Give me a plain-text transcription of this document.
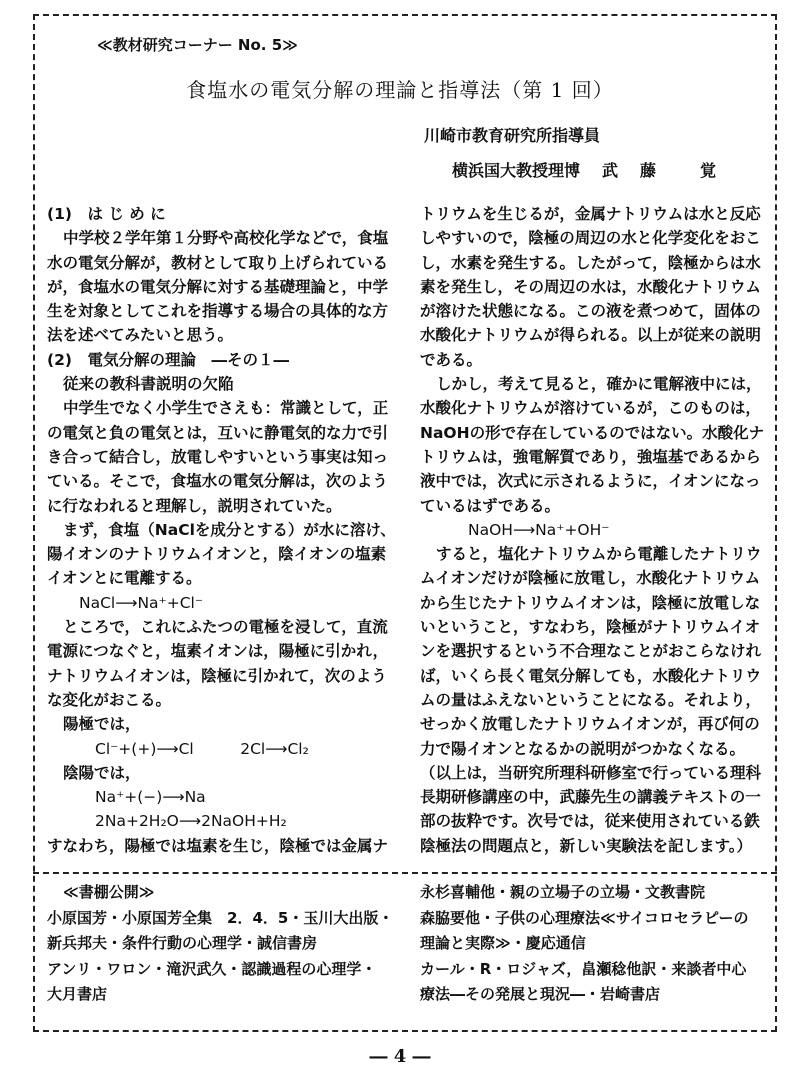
≪教材研究コーナー No. 5≫
食塩水の電気分解の理論と指導法（第 1 回）
川崎市教育研究所指導員
横浜国大教授理博 武 藤	覚

(1)　は じ め に

中学校２学年第１分野や高校化学などで，食塩

水の電気分解が，教材として取り上げられている

が，食塩水の電気分解に対する基礎理論と，中学

生を対象としてこれを指導する場合の具体的な方

法を述べてみたいと思う。

(2)　電気分解の理論　―その１―

従来の教科書説明の欠陥

中学生でなく小学生でさえも：常識として，正

の電気と負の電気とは，互いに静電気的な力で引

き合って結合し，放電しやすいという事実は知っ

ている。そこで，食塩水の電気分解は，次のよう

に行なわれると理解し，説明されていた。

まず，食塩（NaClを成分とする）が水に溶け、

陽イオンのナトリウムイオンと，陰イオンの塩素

イオンとに電離する。

NaCl⟶Na⁺+Cl⁻

ところで，これにふたつの電極を浸して，直流

電源につなぐと，塩素イオンは，陽極に引かれ，

ナトリウムイオンは，陰極に引かれて，次のよう

な変化がおこる。

陽極では，

Cl⁻+(+)⟶Cl　　　2Cl⟶Cl₂

陰陽では，

Na⁺+(−)⟶Na

2Na+2H₂O⟶2NaOH+H₂

すなわち，陽極では塩素を生じ，陰極では金属ナ

トリウムを生じるが，金属ナトリウムは水と反応

しやすいので，陰極の周辺の水と化学変化をおこ

し，水素を発生する。したがって，陰極からは水

素を発生し，その周辺の水は，水酸化ナトリウム

が溶けた状態になる。この液を煮つめて，固体の

水酸化ナトリウムが得られる。以上が従来の説明

である。

しかし，考えて見ると，確かに電解液中には，

水酸化ナトリウムが溶けているが，このものは，

NaOHの形で存在しているのではない。水酸化ナ

トリウムは，強電解質であり，強塩基であるから

液中では，次式に示されるように，イオンになっ

ているはずである。

NaOH⟶Na⁺+OH⁻

すると，塩化ナトリウムから電離したナトリウ

ムイオンだけが陰極に放電し，水酸化ナトリウム

から生じたナトリウムイオンは，陰極に放電しな

いということ，すなわち，陰極がナトリウムイオ

ンを選択するという不合理なことがおこらなけれ

ば，いくら長く電気分解しても，水酸化ナトリウ

ムの量はふえないということになる。それより，

せっかく放電したナトリウムイオンが，再び何の

力で陽イオンとなるかの説明がつかなくなる。

（以上は，当研究所理科研修室で行っている理科

長期研修講座の中，武藤先生の講義テキストの一

部の抜粋です。次号では，従来使用されている鉄

陰極法の問題点と，新しい実験法を記します。）

≪書棚公開≫

小原国芳・小原国芳全集　2．4．5・玉川大出版・

新兵邦夫・条件行動の心理学・誠信書房

アンリ・ワロン・滝沢武久・認識過程の心理学・

大月書店

永杉喜輔他・親の立場子の立場・文教書院

森脇要他・子供の心理療法≪サイコロセラピーの

理論と実際≫・慶応通信

カール・R・ロジャズ，畠瀬稔他訳・来談者中心

療法―その発展と現況―・岩崎書店

― 4 ―
